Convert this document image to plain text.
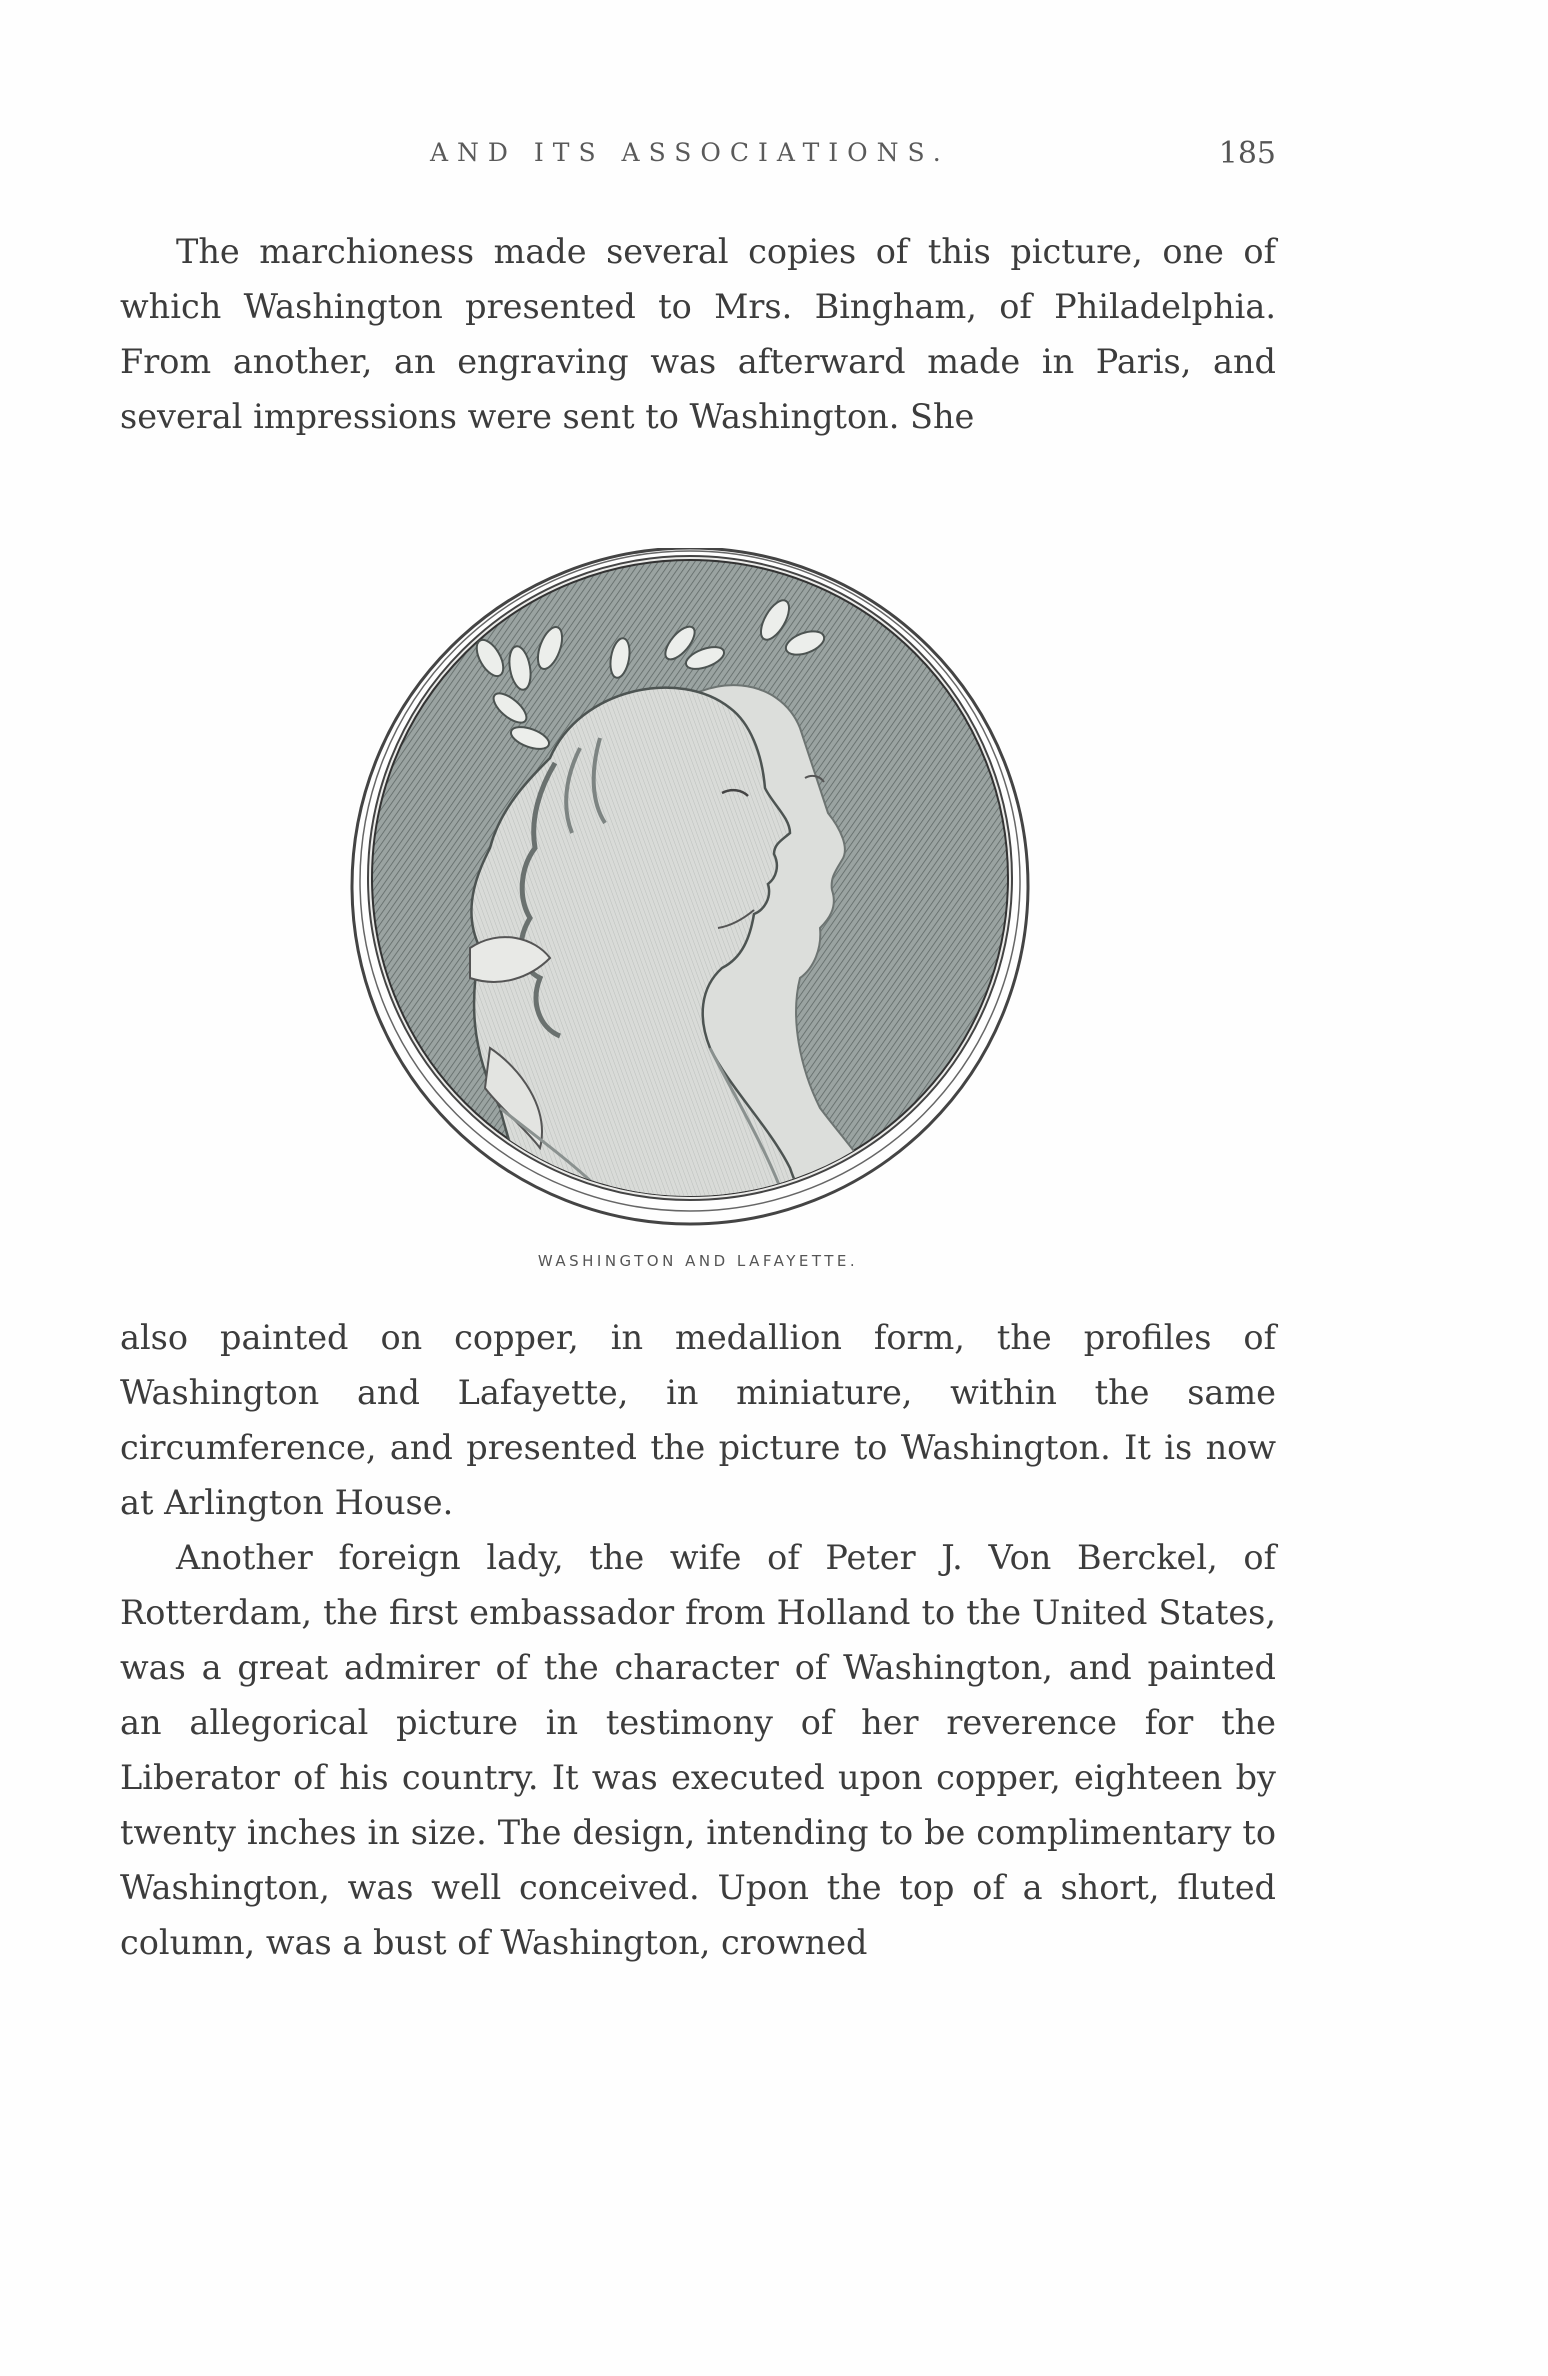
AND ITS ASSOCIATIONS.	185

The marchioness made several copies of this picture, one of which Washington presented to Mrs. Bingham, of Philadelphia. From another, an engraving was afterward made in Paris, and several impressions were sent to Washington. She

WASHINGTON AND LAFAYETTE.

also painted on copper, in medallion form, the profiles of Washington and Lafayette, in miniature, within the same circumference, and presented the picture to Washington. It is now at Arlington House.

Another foreign lady, the wife of Peter J. Von Berckel, of Rotterdam, the first embassador from Holland to the United States, was a great admirer of the character of Washington, and painted an allegorical picture in testimony of her reverence for the Liberator of his country. It was executed upon copper, eighteen by twenty inches in size. The design, intending to be complimentary to Washington, was well conceived. Upon the top of a short, fluted column, was a bust of Washington, crowned
